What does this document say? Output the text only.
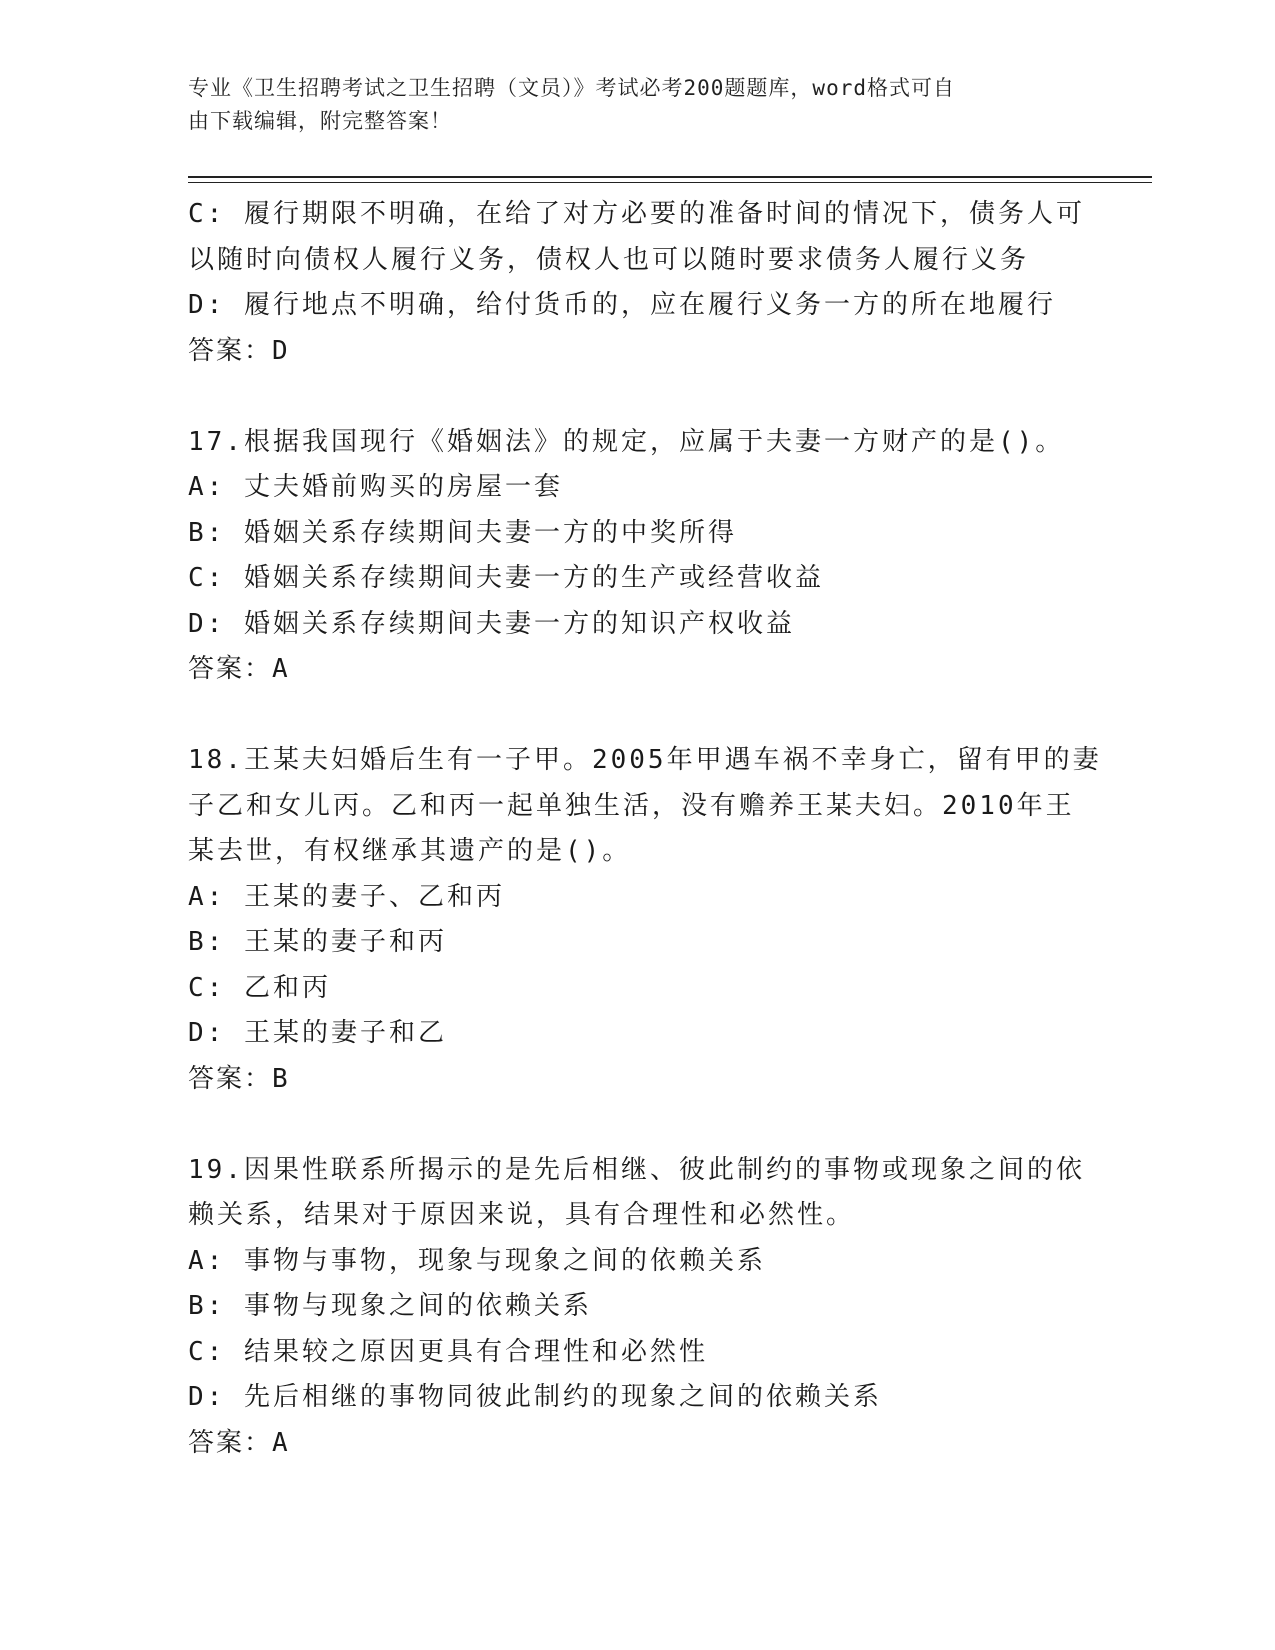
专业《卫生招聘考试之卫生招聘（文员）》考试必考200题题库，word格式可自
由下载编辑，附完整答案！
C: 履行期限不明确，在给了对方必要的准备时间的情况下，债务人可
以随时向债权人履行义务，债权人也可以随时要求债务人履行义务
D: 履行地点不明确，给付货币的，应在履行义务一方的所在地履行
答案：D
17.根据我国现行《婚姻法》的规定，应属于夫妻一方财产的是()。
A: 丈夫婚前购买的房屋一套
B: 婚姻关系存续期间夫妻一方的中奖所得
C: 婚姻关系存续期间夫妻一方的生产或经营收益
D: 婚姻关系存续期间夫妻一方的知识产权收益
答案：A
18.王某夫妇婚后生有一子甲。2005年甲遇车祸不幸身亡，留有甲的妻
子乙和女儿丙。乙和丙一起单独生活，没有赡养王某夫妇。2010年王
某去世，有权继承其遗产的是()。
A: 王某的妻子、乙和丙
B: 王某的妻子和丙
C: 乙和丙
D: 王某的妻子和乙
答案：B
19.因果性联系所揭示的是先后相继、彼此制约的事物或现象之间的依
赖关系，结果对于原因来说，具有合理性和必然性。
A: 事物与事物，现象与现象之间的依赖关系
B: 事物与现象之间的依赖关系
C: 结果较之原因更具有合理性和必然性
D: 先后相继的事物同彼此制约的现象之间的依赖关系
答案：A
